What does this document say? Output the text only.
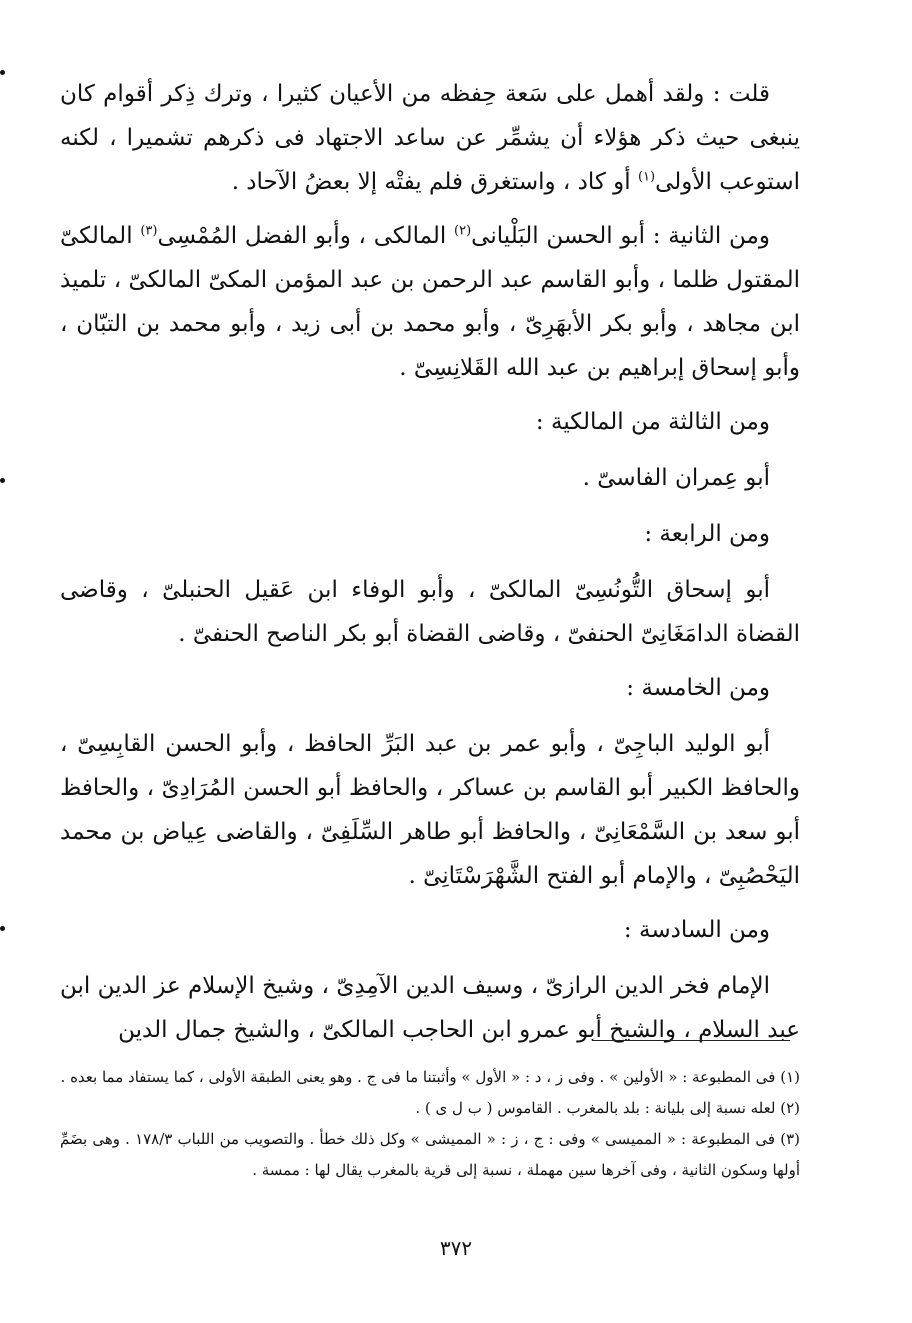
قلت : ولقد أهمل على سَعة حِفظه من الأعيان كثيرا ، وترك ذِكر أقوام كان ينبغى حيث ذكر هؤلاء أن يشمِّر عن ساعد الاجتهاد فى ذكرهم تشميرا ، لكنه استوعب الأولى$^{(١)}$ أو كاد ، واستغرق فلم يفتْه إلا بعضُ الآحاد .

ومن الثانية : أبو الحسن البَلْيانى$^{(٢)}$ المالكى ، وأبو الفضل المُمْسِى$^{(٣)}$ المالكىّ المقتول ظلما ، وأبو القاسم عبد الرحمن بن عبد المؤمن المكىّ المالكىّ ، تلميذ ابن مجاهد ، وأبو بكر الأبهَرِىّ ، وأبو محمد بن أبى زيد ، وأبو محمد بن التبّان ، وأبو إسحاق إبراهيم بن عبد الله القَلانِسِىّ .

ومن الثالثة من المالكية :

أبو عِمران الفاسىّ .

ومن الرابعة :

أبو إسحاق التُّونُسِىّ المالكىّ ، وأبو الوفاء ابن عَقيل الحنبلىّ ، وقاضى القضاة الدامَغَانِىّ الحنفىّ ، وقاضى القضاة أبو بكر الناصح الحنفىّ .

ومن الخامسة :

أبو الوليد الباجِىّ ، وأبو عمر بن عبد البَرِّ الحافظ ، وأبو الحسن القابِسِىّ ، والحافظ الكبير أبو القاسم بن عساكر ، والحافظ أبو الحسن المُرَادِىّ ، والحافظ أبو سعد بن السَّمْعَانِىّ ، والحافظ أبو طاهر السِّلَفِىّ ، والقاضى عِياض بن محمد اليَحْصُبِىّ ، والإمام أبو الفتح الشَّهْرَسْتَانِىّ .

ومن السادسة :

الإمام فخر الدين الرازىّ ، وسيف الدين الآمِدِىّ ، وشيخ الإسلام عز الدين ابن عبد السلام ، والشيخ أبو عمرو ابن الحاجب المالكىّ ، والشيخ جمال الدين

(١) فى المطبوعة : « الأولين » . وفى ز ، د : « الأول » وأثبتنا ما فى ج . وهو يعنى الطبقة الأولى ، كما يستفاد مما بعده .

(٢) لعله نسبة إلى بليانة : بلد بالمغرب . القاموس ( ب ل ى ) .

(٣) فى المطبوعة : « المميسى » وفى : ج ، ز : « المميشى » وكل ذلك خطأ . والتصويب من اللباب ١٧٨/٣ . وهى بضَمِّ أولها وسكون الثانية ، وفى آخرها سين مهملة ، نسبة إلى قرية بالمغرب يقال لها : ممسة .

٣٧٢
